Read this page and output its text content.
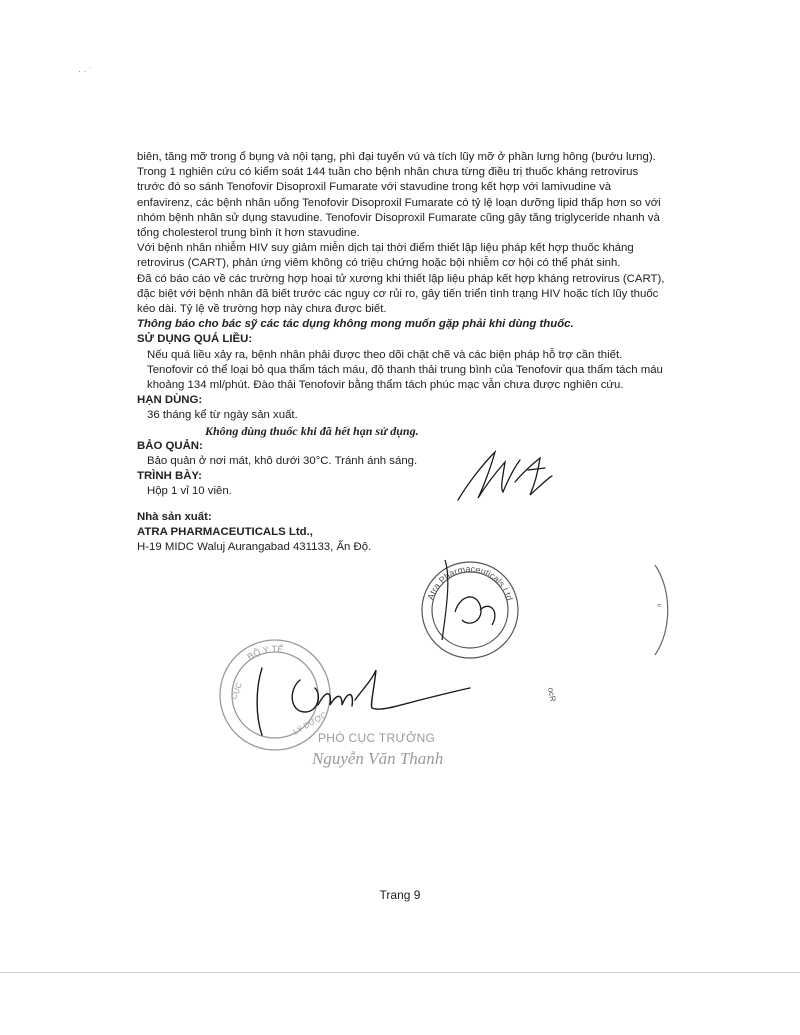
· · ˙

biên, tăng mỡ trong ổ bụng và nội tạng, phì đại tuyến vú và tích lũy mỡ ở phần lưng hông (bướu lưng).

Trong 1 nghiên cứu có kiểm soát 144 tuần cho bệnh nhân chưa từng điều trị thuốc kháng retrovirus trước đó so sánh Tenofovir Disoproxil Fumarate với stavudine trong kết hợp với lamivudine và enfavirenz, các bệnh nhân uống Tenofovir Disoproxil Fumarate có tỷ lệ loạn dưỡng lipid thấp hơn so với nhóm bệnh nhân sử dụng stavudine. Tenofovir Disoproxil Fumarate cũng gây tăng triglyceride nhanh và tổng cholesterol trung bình ít hơn stavudine.

Với bệnh nhân nhiễm HIV suy giảm miễn dịch tại thời điểm thiết lập liệu pháp kết hợp thuốc kháng retrovirus (CART), phản ứng viêm không có triệu chứng hoặc bội nhiễm cơ hội có thể phát sinh.

Đã có báo cáo về các trường hợp hoại tử xương khi thiết lập liệu pháp kết hợp kháng retrovirus (CART), đặc biệt với bệnh nhân đã biết trước các nguy cơ rủi ro, gây tiến triển tình trạng HIV hoặc tích lũy thuốc kéo dài. Tỷ lệ về trường hợp này chưa được biết.

Thông báo cho bác sỹ các tác dụng không mong muốn gặp phải khi dùng thuốc.

SỬ DỤNG QUÁ LIỀU:

Nếu quá liều xảy ra, bệnh nhân phải được theo dõi chặt chẽ và các biện pháp hỗ trợ cần thiết. Tenofovir có thể loại bỏ qua thẩm tách máu, độ thanh thải trung bình của Tenofovir qua thẩm tách máu khoảng 134 ml/phút. Đào thải Tenofovir bằng thẩm tách phúc mạc vẫn chưa được nghiên cứu.

HẠN DÙNG:

36 tháng kể từ ngày sản xuất.

Không dùng thuốc khi đã hết hạn sử dụng.

BẢO QUẢN:

Bảo quản ở nơi mát, khô dưới 30°C. Tránh ánh sáng.

TRÌNH BÀY:

Hộp 1 vỉ 10 viên.

Nhà sản xuất:

ATRA PHARMACEUTICALS Ltd.,

H-19 MIDC Waluj Aurangabad 431133, Ấn Độ.

Atra Pharmaceuticals Ltd.	≈
ocR
BỘ Y TẾ
CỤC
LÝ DƯỢC
PHÓ CỤC TRƯỞNG
Nguyễn Văn Thanh
Trang 9
